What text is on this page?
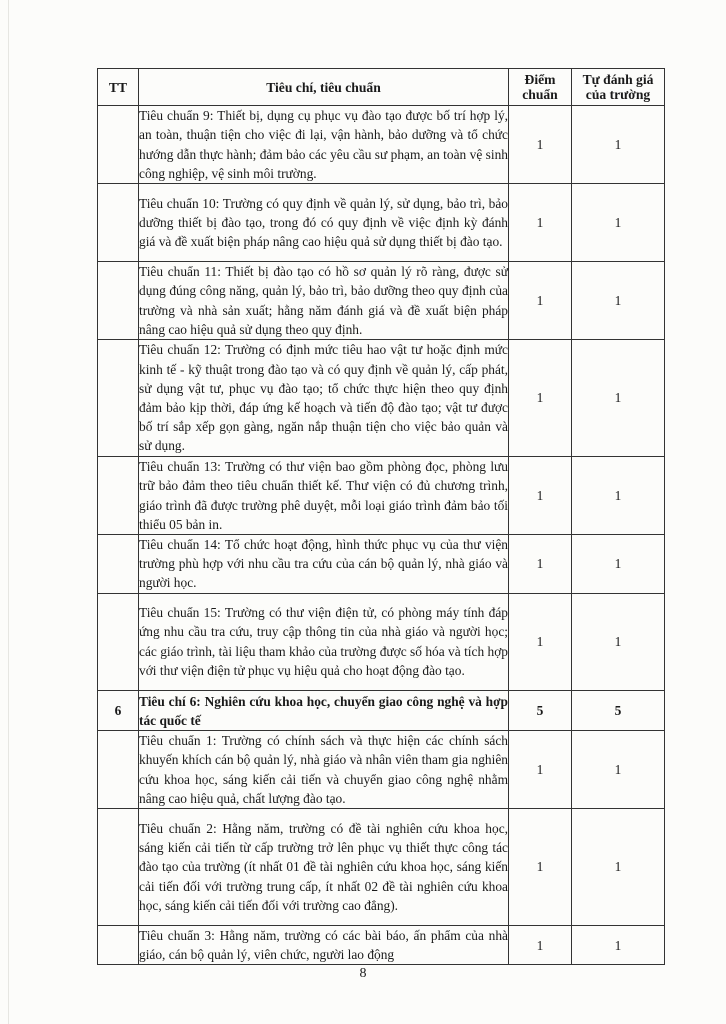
TT	Tiêu chí, tiêu chuẩn	Điểm chuẩn	Tự đánh giá của trường
	Tiêu chuẩn 9: Thiết bị, dụng cụ phục vụ đào tạo được bố trí hợp lý, an toàn, thuận tiện cho việc đi lại, vận hành, bảo dưỡng và tổ chức hướng dẫn thực hành; đảm bảo các yêu cầu sư phạm, an toàn vệ sinh công nghiệp, vệ sinh môi trường.	1	1
	Tiêu chuẩn 10: Trường có quy định về quản lý, sử dụng, bảo trì, bảo dưỡng thiết bị đào tạo, trong đó có quy định về việc định kỳ đánh giá và đề xuất biện pháp nâng cao hiệu quả sử dụng thiết bị đào tạo.	1	1
	Tiêu chuẩn 11: Thiết bị đào tạo có hồ sơ quản lý rõ ràng, được sử dụng đúng công năng, quản lý, bảo trì, bảo dưỡng theo quy định của trường và nhà sản xuất; hằng năm đánh giá và đề xuất biện pháp nâng cao hiệu quả sử dụng theo quy định.	1	1
	Tiêu chuẩn 12: Trường có định mức tiêu hao vật tư hoặc định mức kinh tế - kỹ thuật trong đào tạo và có quy định về quản lý, cấp phát, sử dụng vật tư, phục vụ đào tạo; tổ chức thực hiện theo quy định đảm bảo kịp thời, đáp ứng kế hoạch và tiến độ đào tạo; vật tư được bố trí sắp xếp gọn gàng, ngăn nắp thuận tiện cho việc bảo quản và sử dụng.	1	1
	Tiêu chuẩn 13: Trường có thư viện bao gồm phòng đọc, phòng lưu trữ bảo đảm theo tiêu chuẩn thiết kế. Thư viện có đủ chương trình, giáo trình đã được trường phê duyệt, mỗi loại giáo trình đảm bảo tối thiểu 05 bản in.	1	1
	Tiêu chuẩn 14: Tổ chức hoạt động, hình thức phục vụ của thư viện trường phù hợp với nhu cầu tra cứu của cán bộ quản lý, nhà giáo và người học.	1	1
	Tiêu chuẩn 15: Trường có thư viện điện tử, có phòng máy tính đáp ứng nhu cầu tra cứu, truy cập thông tin của nhà giáo và người học; các giáo trình, tài liệu tham khảo của trường được số hóa và tích hợp với thư viện điện tử phục vụ hiệu quả cho hoạt động đào tạo.	1	1
6	Tiêu chí 6: Nghiên cứu khoa học, chuyển giao công nghệ và hợp tác quốc tế	5	5
	Tiêu chuẩn 1: Trường có chính sách và thực hiện các chính sách khuyến khích cán bộ quản lý, nhà giáo và nhân viên tham gia nghiên cứu khoa học, sáng kiến cải tiến và chuyển giao công nghệ nhằm nâng cao hiệu quả, chất lượng đào tạo.	1	1
	Tiêu chuẩn 2: Hằng năm, trường có đề tài nghiên cứu khoa học, sáng kiến cải tiến từ cấp trường trở lên phục vụ thiết thực công tác đào tạo của trường (ít nhất 01 đề tài nghiên cứu khoa học, sáng kiến cải tiến đối với trường trung cấp, ít nhất 02 đề tài nghiên cứu khoa học, sáng kiến cải tiến đối với trường cao đẳng).	1	1
	Tiêu chuẩn 3: Hằng năm, trường có các bài báo, ấn phẩm của nhà giáo, cán bộ quản lý, viên chức, người lao động	1	1
8
